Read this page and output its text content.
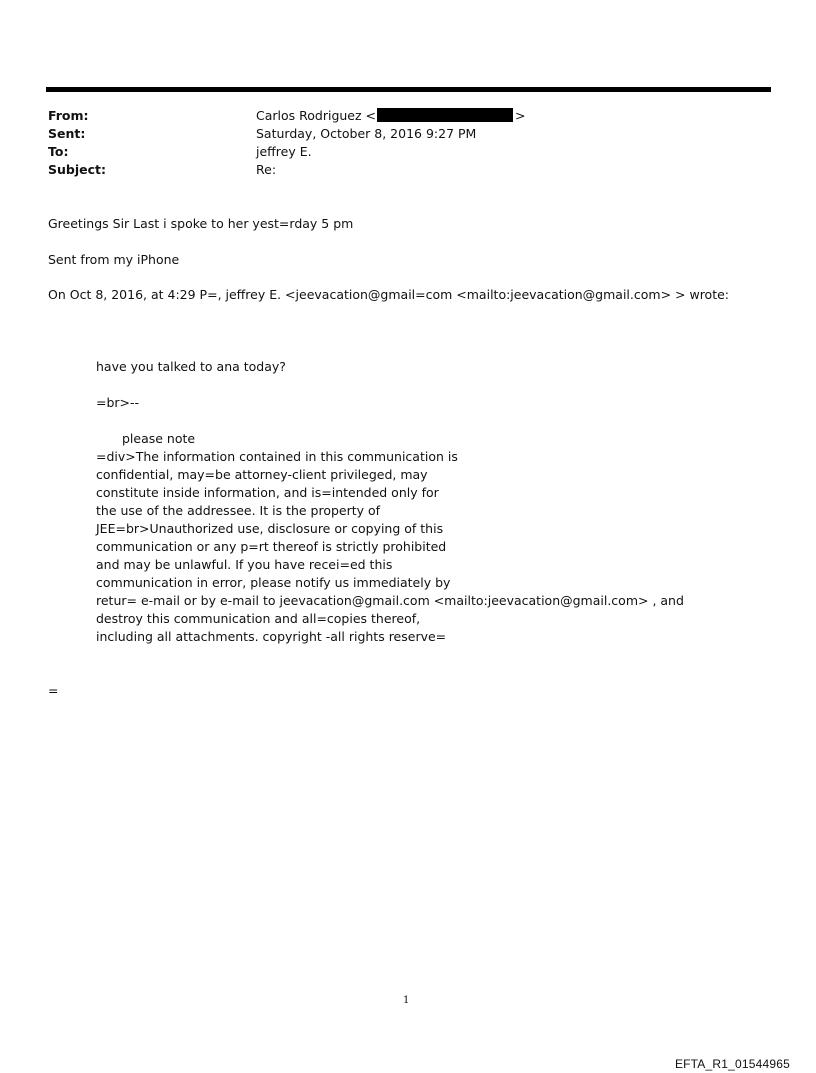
From:	Carlos Rodriguez <	>
Sent:	Saturday, October 8, 2016 9:27 PM
To:	jeffrey E.
Subject:	Re:
Greetings Sir Last i spoke to her yest=rday 5 pm
Sent from my iPhone
On Oct 8, 2016, at 4:29 P=, jeffrey E. <jeevacation@gmail=com <mailto:jeevacation@gmail.com> > wrote:
have you talked to ana today?
=br>--
please note
=div>The information contained in this communication is
confidential, may=be attorney-client privileged, may
constitute inside information, and is=intended only for
the use of the addressee. It is the property of
JEE=br>Unauthorized use, disclosure or copying of this
communication or any p=rt thereof is strictly prohibited
and may be unlawful. If you have recei=ed this
communication in error, please notify us immediately by
retur= e-mail or by e-mail to jeevacation@gmail.com <mailto:jeevacation@gmail.com> , and
destroy this communication and all=copies thereof,
including all attachments. copyright -all rights reserve=
=
1
EFTA_R1_01544965
